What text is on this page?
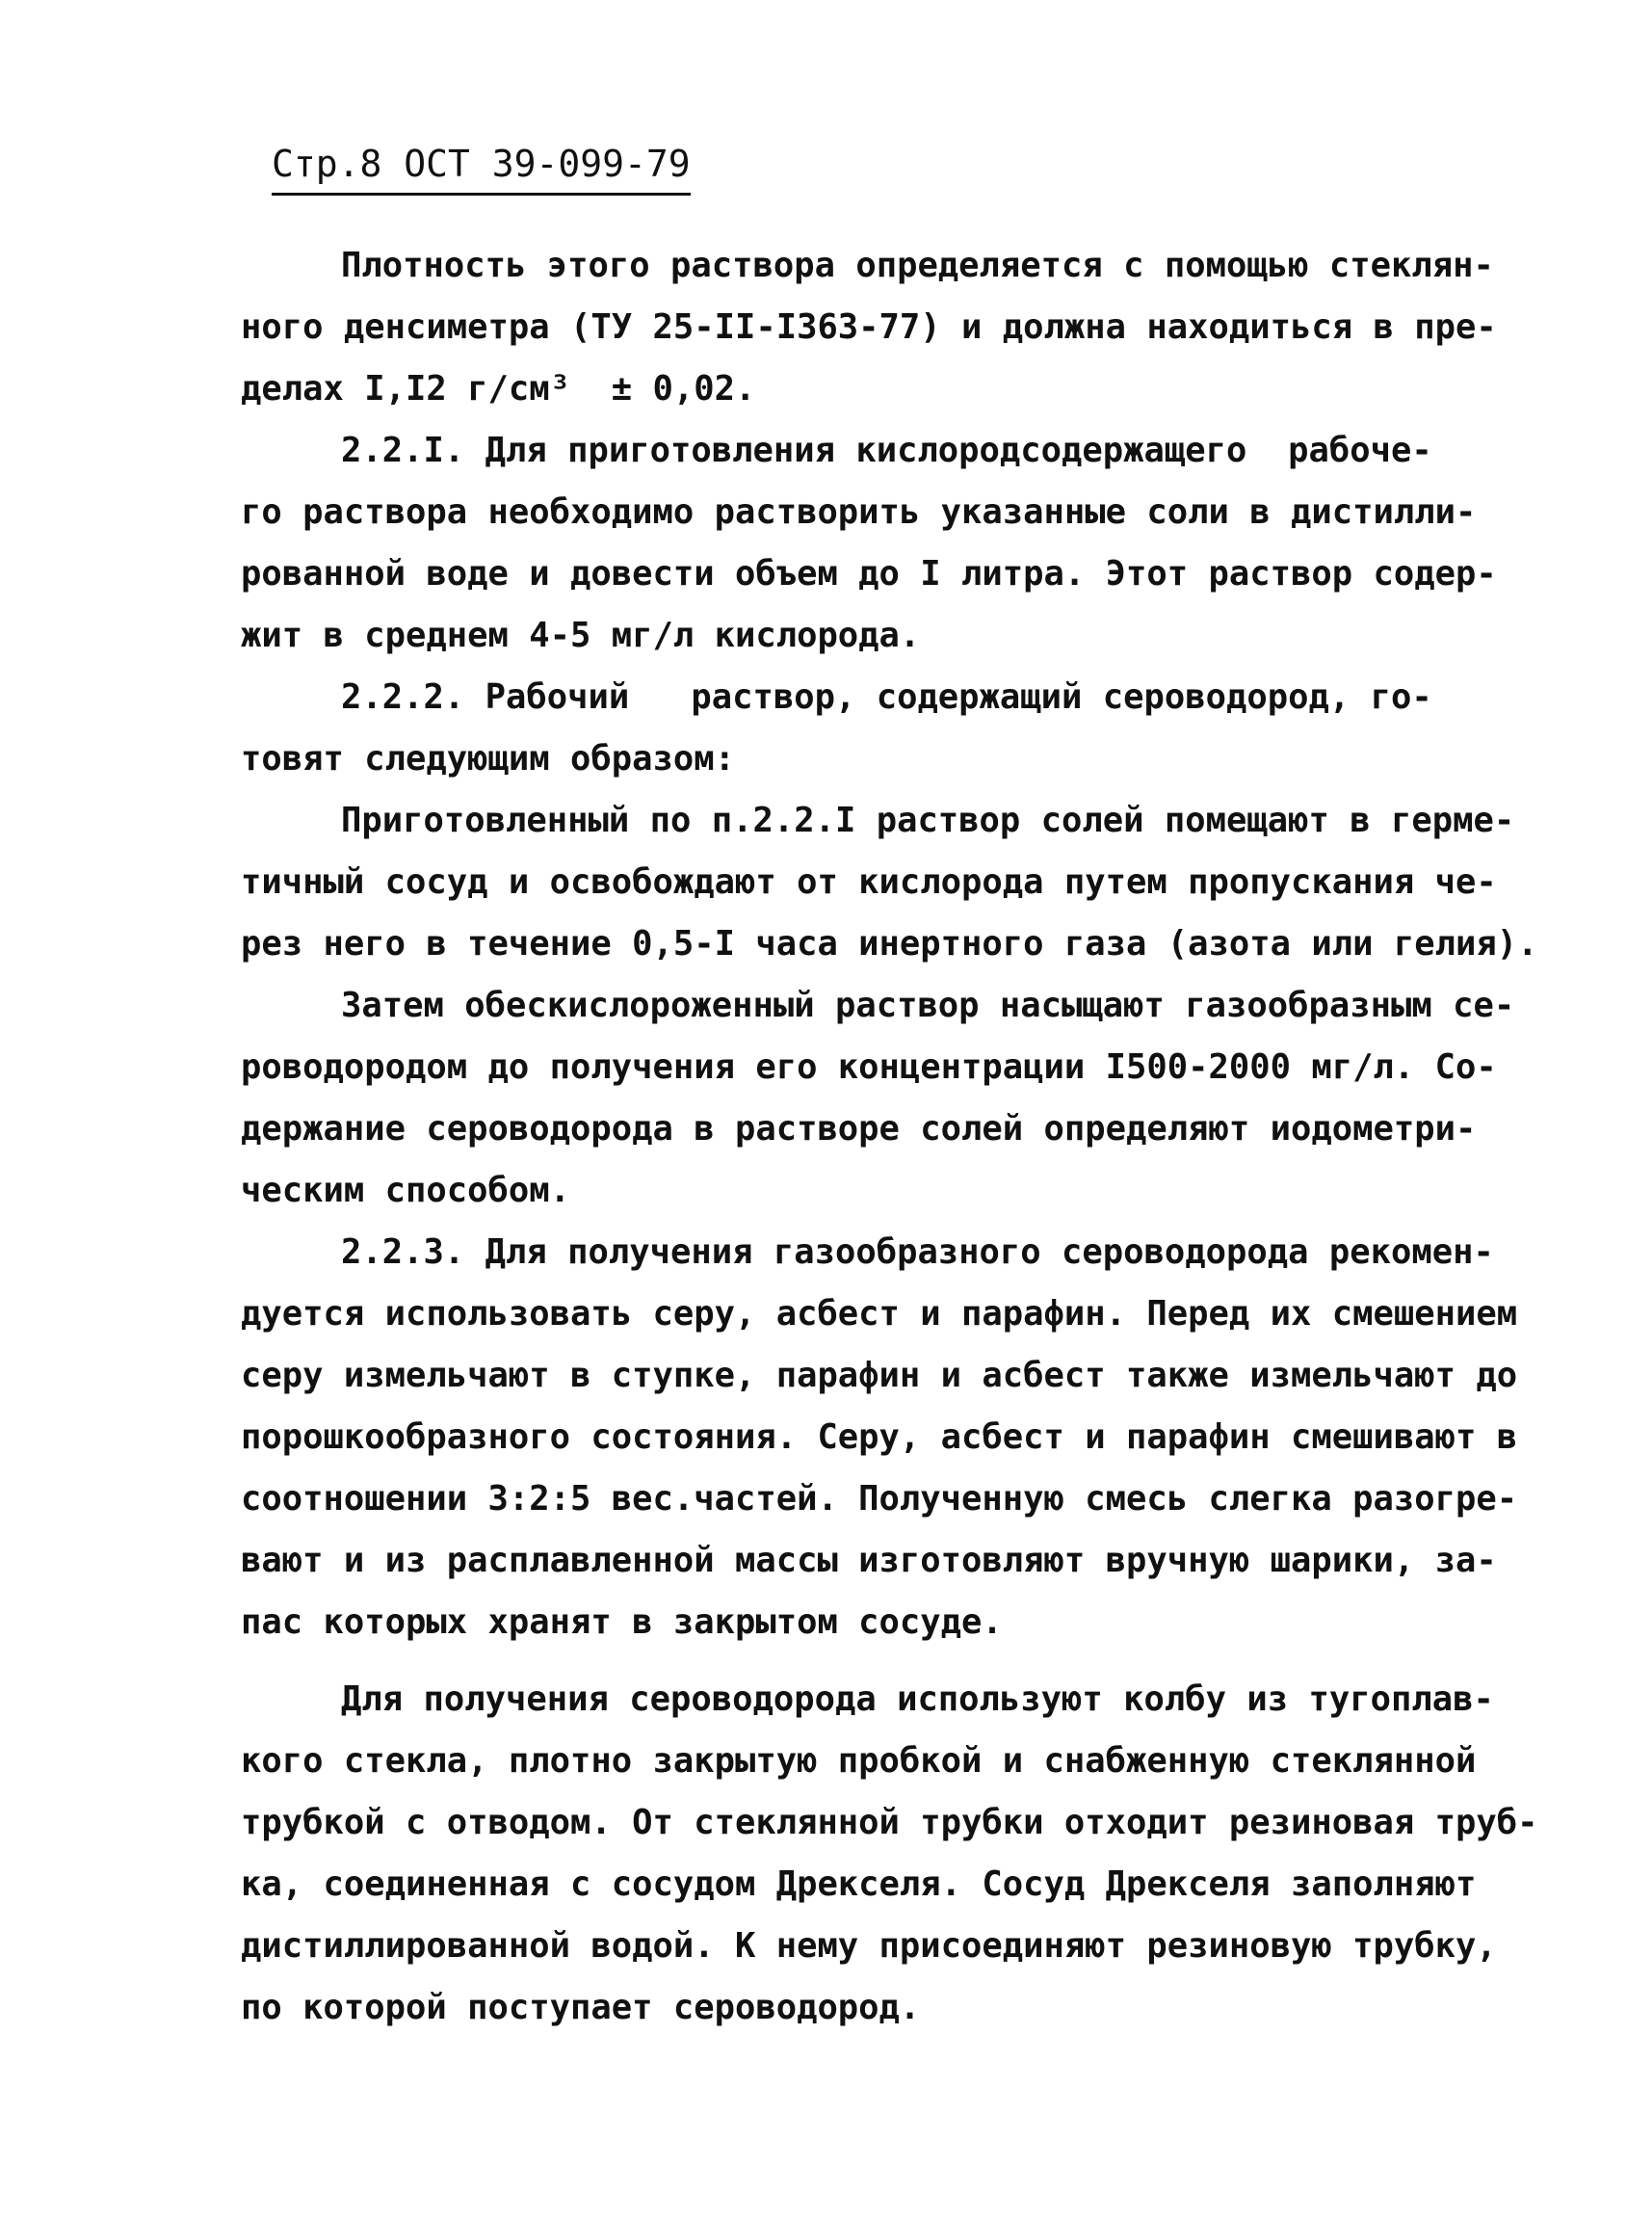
Стр.8 ОСТ 39-099-79
Плотность этого раствора определяется с помощью стеклян-
ного денсиметра (ТУ 25-II-I363-77) и должна находиться в пре-
делах I,I2 г/см³  ± 0,02.
2.2.I. Для приготовления кислородсодержащего  рабоче-
го раствора необходимо растворить указанные соли в дистилли-
рованной воде и довести объем до I литра. Этот раствор содер-
жит в среднем 4-5 мг/л кислорода.
2.2.2. Рабочий   раствор, содержащий сероводород, го-
товят следующим образом:
Приготовленный по п.2.2.I раствор солей помещают в герме-
тичный сосуд и освобождают от кислорода путем пропускания че-
рез него в течение 0,5-I часа инертного газа (азота или гелия).
Затем обескислороженный раствор насыщают газообразным се-
роводородом до получения его концентрации I500-2000 мг/л. Со-
держание сероводорода в растворе солей определяют иодометри-
ческим способом.
2.2.3. Для получения газообразного сероводорода рекомен-
дуется использовать серу, асбест и парафин. Перед их смешением
серу измельчают в ступке, парафин и асбест также измельчают до
порошкообразного состояния. Серу, асбест и парафин смешивают в
соотношении 3:2:5 вес.частей. Полученную смесь слегка разогре-
вают и из расплавленной массы изготовляют вручную шарики, за-
пас которых хранят в закрытом сосуде.
Для получения сероводорода используют колбу из тугоплав-
кого стекла, плотно закрытую пробкой и снабженную стеклянной
трубкой с отводом. От стеклянной трубки отходит резиновая труб-
ка, соединенная с сосудом Дрекселя. Сосуд Дрекселя заполняют
дистиллированной водой. К нему присоединяют резиновую трубку,
по которой поступает сероводород.
